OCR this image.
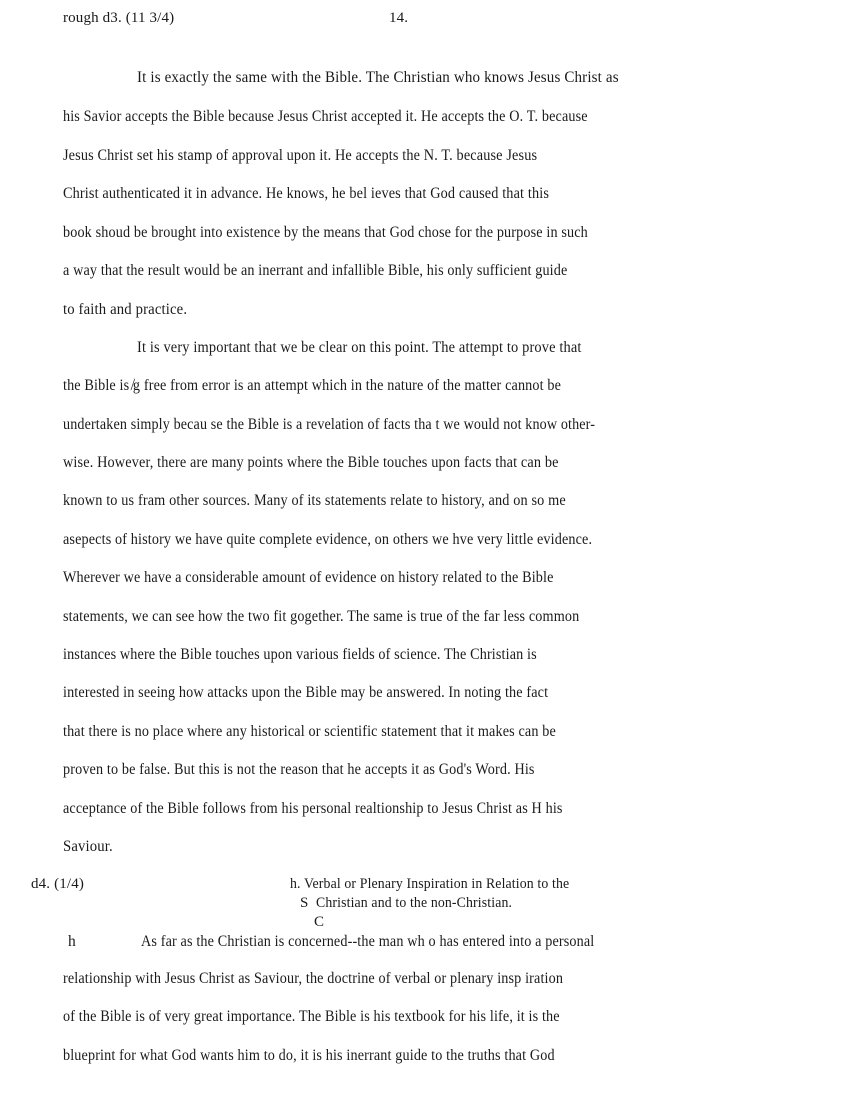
rough d3. (11 3/4)	14.
It is exactly the same with the Bible. The Christian who knows Jesus Christ as
his Savior accepts the Bible because Jesus Christ accepted it. He accepts the O. T. because
Jesus Christ set his stamp of approval upon it. He accepts the N. T. because Jesus
Christ authenticated it in advance. He knows, he bel ieves that God caused that this
book shoud be brought into existence by the means that God chose for the purpose in such
a way that the result would be an inerrant and infallible Bible, his only sufficient guide
to faith and practice.
It is very important that we be clear on this point. The attempt to prove that
the Bible is ̸g free from error is an attempt which in the nature of the matter cannot be
undertaken simply becau se the Bible is a revelation of facts tha t we would not know other-
wise. However, there are many points where the Bible touches upon facts that can be
known to us fram other sources. Many of its statements relate to history, and on so me
asepects of history we have quite complete evidence, on others we hve very little evidence.
Wherever we have a considerable amount of evidence on history related to the Bible
statements, we can see how the two fit gogether. The same is true of the far less common
instances where the Bible touches upon various fields of science. The Christian is
interested in seeing how attacks upon the Bible may be answered. In noting the fact
that there is no place where any historical or scientific statement that it makes can be
proven to be false. But this is not the reason that he accepts it as God's Word. His
acceptance of the Bible follows from his personal realtionship to Jesus Christ as H his
Saviour.
d4. (1/4)	h. Verbal or Plenary Inspiration in Relation to the
S Christian and to the non-Christian.
C
h	As far as the Christian is concerned--the man wh o has entered into a personal
relationship with Jesus Christ as Saviour, the doctrine of verbal or plenary insp iration
of the Bible is of very great importance. The Bible is his textbook for his life, it is the
blueprint for what God wants him to do, it is his inerrant guide to the truths that God
